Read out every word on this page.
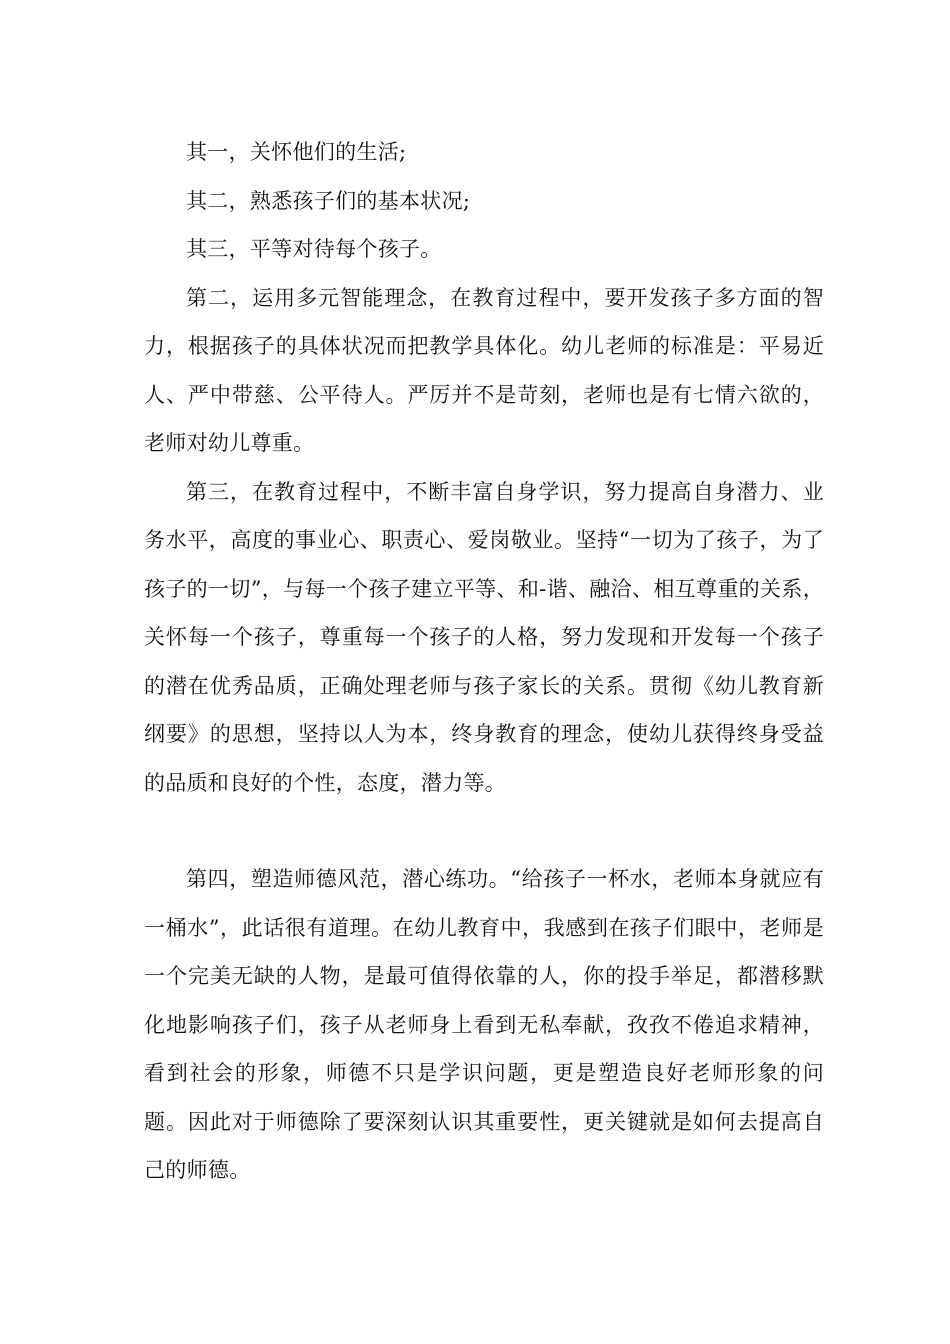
其一，关怀他们的生活;

其二，熟悉孩子们的基本状况;

其三，平等对待每个孩子。

第二，运用多元智能理念，在教育过程中，要开发孩子多方面的智力，根据孩子的具体状况而把教学具体化。幼儿老师的标准是：平易近人、严中带慈、公平待人。严厉并不是苛刻，老师也是有七情六欲的，老师对幼儿尊重。

第三，在教育过程中，不断丰富自身学识，努力提高自身潜力、业务水平，高度的事业心、职责心、爱岗敬业。坚持“一切为了孩子，为了孩子的一切”，与每一个孩子建立平等、和-谐、融洽、相互尊重的关系，关怀每一个孩子，尊重每一个孩子的人格，努力发现和开发每一个孩子的潜在优秀品质，正确处理老师与孩子家长的关系。贯彻《幼儿教育新纲要》的思想，坚持以人为本，终身教育的理念，使幼儿获得终身受益的品质和良好的个性，态度，潜力等。

第四，塑造师德风范，潜心练功。“给孩子一杯水，老师本身就应有一桶水”，此话很有道理。在幼儿教育中，我感到在孩子们眼中，老师是一个完美无缺的人物，是最可值得依靠的人，你的投手举足，都潜移默化地影响孩子们，孩子从老师身上看到无私奉献，孜孜不倦追求精神，看到社会的形象，师德不只是学识问题，更是塑造良好老师形象的问题。因此对于师德除了要深刻认识其重要性，更关键就是如何去提高自己的师德。
